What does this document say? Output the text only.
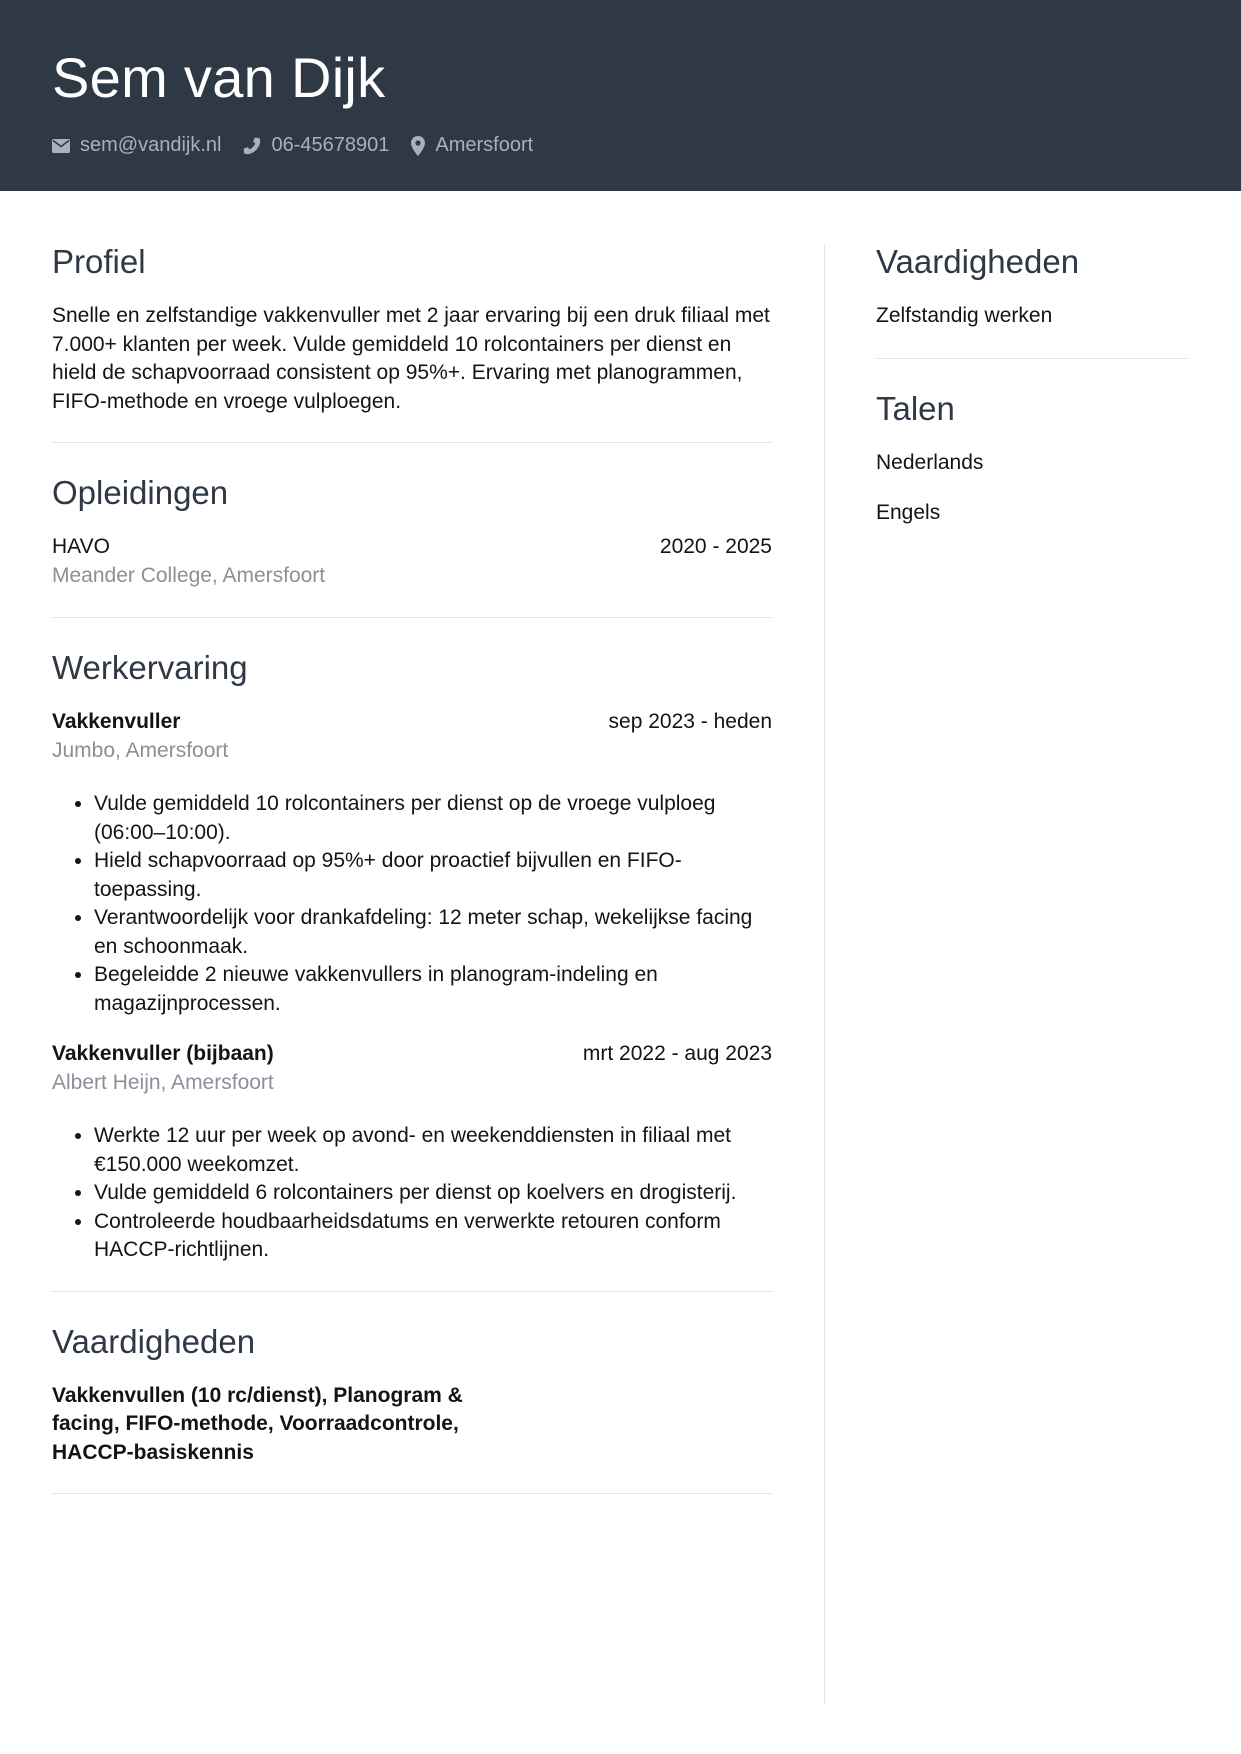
Sem van Dijk
sem@vandijk.nl	06-45678901 Amersfoort
Profiel

Snelle en zelfstandige vakkenvuller met 2 jaar ervaring bij een druk filiaal met 7.000+ klanten per week. Vulde gemiddeld 10 rolcontainers per dienst en hield de schapvoorraad consistent op 95%+. Ervaring met planogrammen, FIFO-methode en vroege vulploegen.

Opleidingen
HAVO	2020 - 2025
Meander College, Amersfoort
Werkervaring
Vakkenvuller	sep 2023 - heden
Jumbo, Amersfoort
• Vulde gemiddeld 10 rolcontainers per dienst op de vroege vulploeg (06:00–10:00).
• Hield schapvoorraad op 95%+ door proactief bijvullen en FIFO-toepassing.
• Verantwoordelijk voor drankafdeling: 12 meter schap, wekelijkse facing en schoonmaak.
• Begeleidde 2 nieuwe vakkenvullers in planogram-indeling en magazijnprocessen.
Vakkenvuller (bijbaan)	mrt 2022 - aug 2023
Albert Heijn, Amersfoort
• Werkte 12 uur per week op avond- en weekenddiensten in filiaal met €150.000 weekomzet.
• Vulde gemiddeld 6 rolcontainers per dienst op koelvers en drogisterij.
• Controleerde houdbaarheidsdatums en verwerkte retouren conform HACCP-richtlijnen.
Vaardigheden
Vakkenvullen (10 rc/dienst), Planogram & facing, FIFO-methode, Voorraadcontrole, HACCP-basiskennis
Vaardigheden
Zelfstandig werken
Talen
Nederlands
Engels
